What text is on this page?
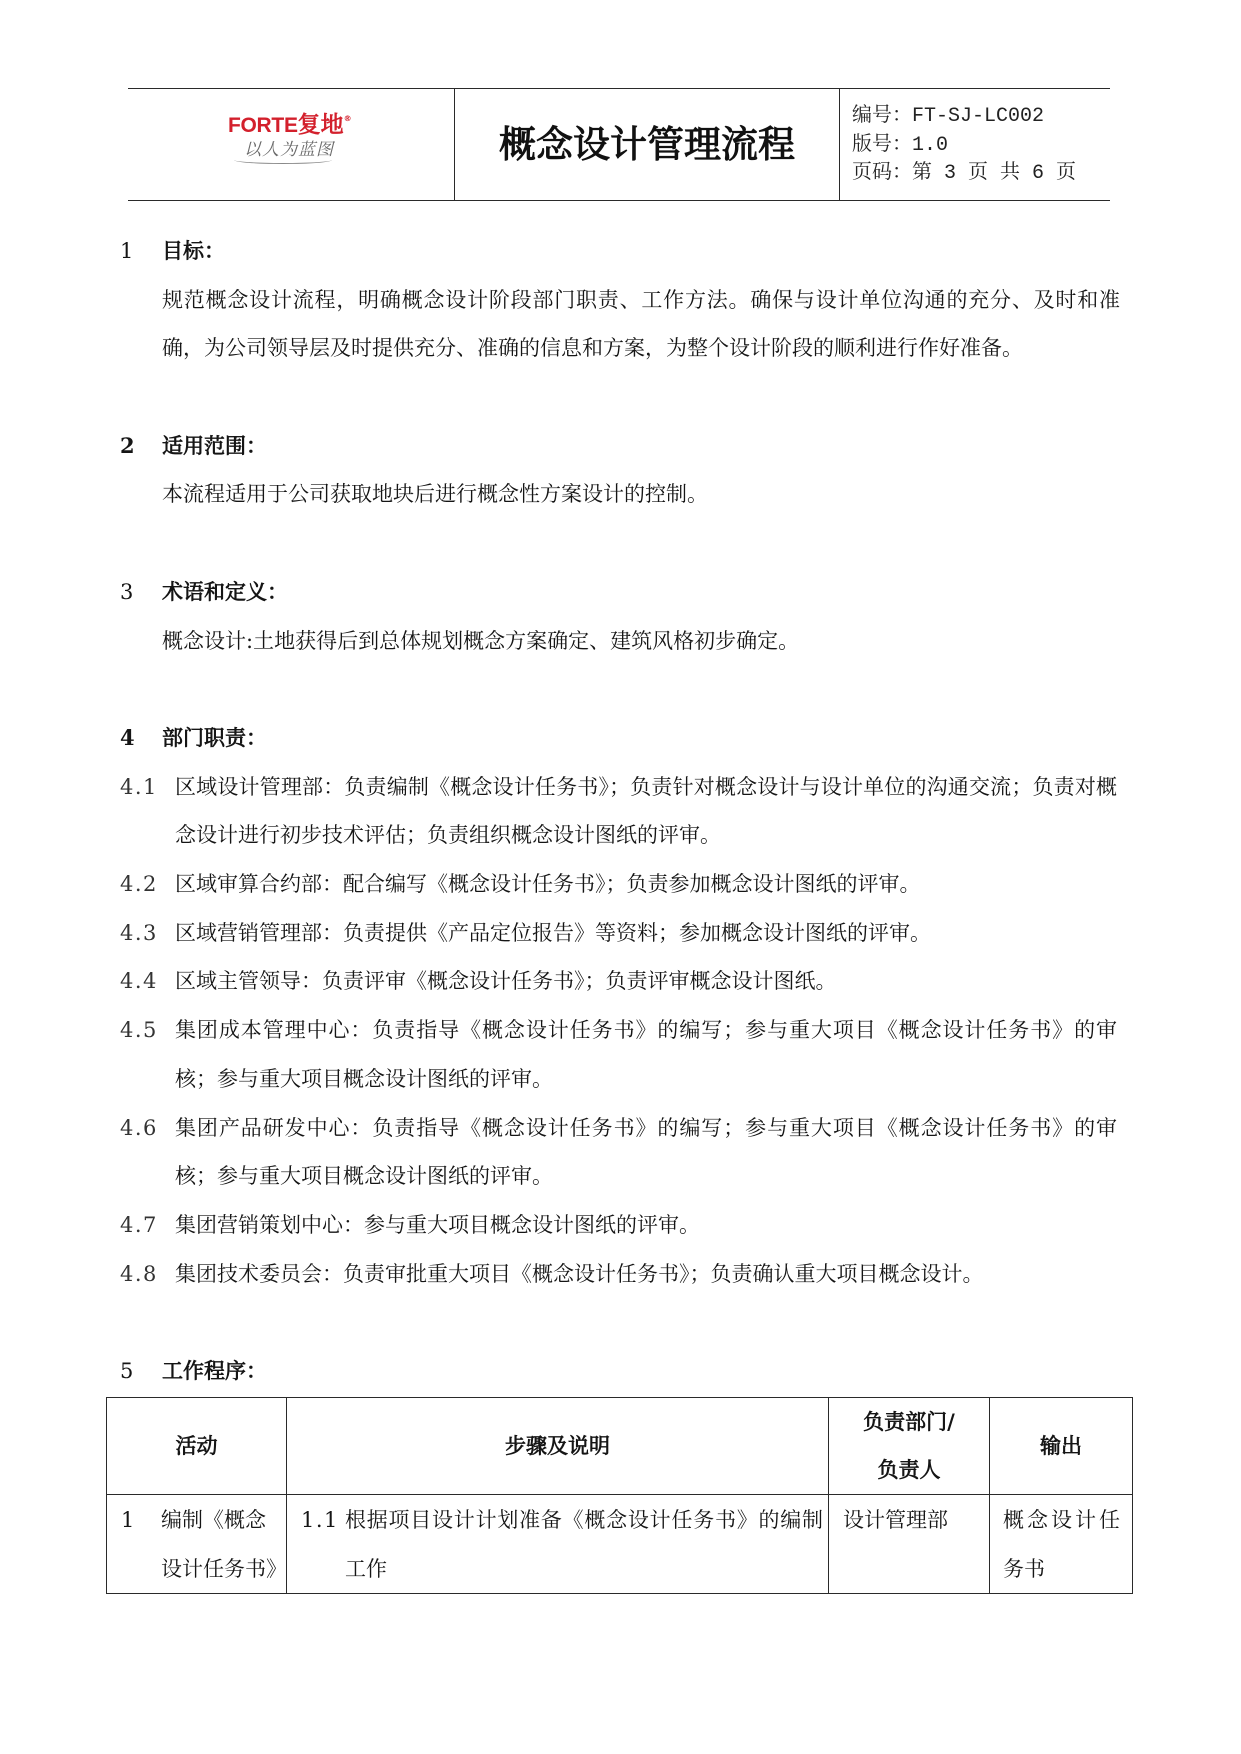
FORTE复地®
以人为蓝图	概念设计管理流程
编号：FT-SJ-LC002
版号：1.0
页码：第 3 页 共 6 页
1 目标：
规范概念设计流程，明确概念设计阶段部门职责、工作方法。确保与设计单位沟通的充分、及时和准确，为公司领导层及时提供充分、准确的信息和方案，为整个设计阶段的顺利进行作好准备。
2 适用范围：
本流程适用于公司获取地块后进行概念性方案设计的控制。
3 术语和定义：
概念设计:土地获得后到总体规划概念方案确定、建筑风格初步确定。
4 部门职责：
4.1 区域设计管理部：负责编制《概念设计任务书》；负责针对概念设计与设计单位的沟通交流；负责对概念设计进行初步技术评估；负责组织概念设计图纸的评审。
4.2 区域审算合约部：配合编写《概念设计任务书》；负责参加概念设计图纸的评审。
4.3 区域营销管理部：负责提供《产品定位报告》等资料；参加概念设计图纸的评审。
4.4 区域主管领导：负责评审《概念设计任务书》；负责评审概念设计图纸。
4.5 集团成本管理中心：负责指导《概念设计任务书》的编写；参与重大项目《概念设计任务书》的审核；参与重大项目概念设计图纸的评审。
4.6 集团产品研发中心：负责指导《概念设计任务书》的编写；参与重大项目《概念设计任务书》的审核；参与重大项目概念设计图纸的评审。
4.7 集团营销策划中心：参与重大项目概念设计图纸的评审。
4.8 集团技术委员会：负责审批重大项目《概念设计任务书》；负责确认重大项目概念设计。
5 工作程序：
活动	步骤及说明	负责部门/负责人	输出

1 编制《概念
设计任务书》	1.1 根据项目设计计划准备《概念设计任务书》的编制工作	设计管理部	概念设计任务书
